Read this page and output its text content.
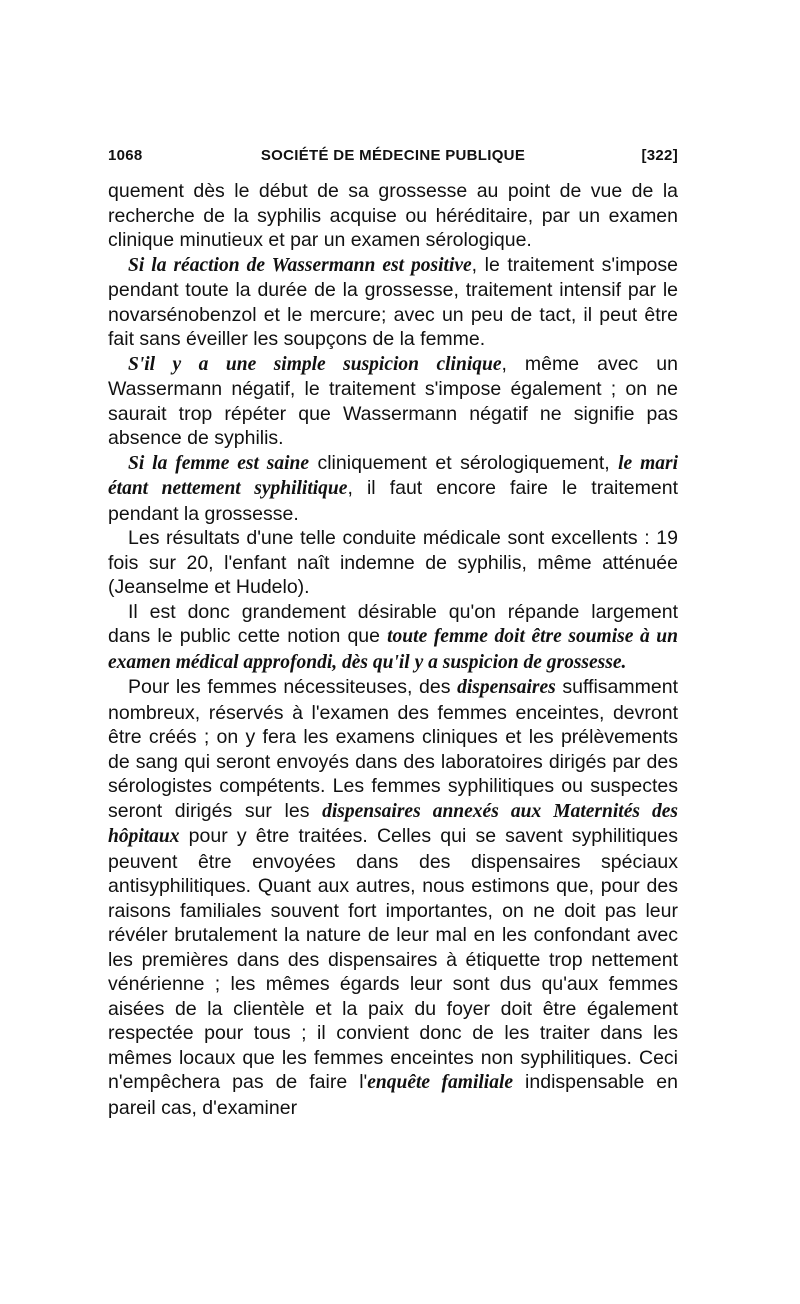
1068	SOCIÉTÉ DE MÉDECINE PUBLIQUE	[322]

quement dès le début de sa grossesse au point de vue de la recherche de la syphilis acquise ou héréditaire, par un examen clinique minutieux et par un examen sérologique.

Si la réaction de Wassermann est positive, le traitement s'impose pendant toute la durée de la grossesse, traitement intensif par le novarsénobenzol et le mercure; avec un peu de tact, il peut être fait sans éveiller les soupçons de la femme.

S'il y a une simple suspicion clinique, même avec un Wassermann négatif, le traitement s'impose également ; on ne saurait trop répéter que Wassermann négatif ne signifie pas absence de syphilis.

Si la femme est saine cliniquement et sérologiquement, le mari étant nettement syphilitique, il faut encore faire le traitement pendant la grossesse.

Les résultats d'une telle conduite médicale sont excellents : 19 fois sur 20, l'enfant naît indemne de syphilis, même atténuée (Jeanselme et Hudelo).

Il est donc grandement désirable qu'on répande largement dans le public cette notion que toute femme doit être soumise à un examen médical approfondi, dès qu'il y a suspicion de grossesse.

Pour les femmes nécessiteuses, des dispensaires suffisamment nombreux, réservés à l'examen des femmes enceintes, devront être créés ; on y fera les examens cliniques et les prélèvements de sang qui seront envoyés dans des laboratoires dirigés par des sérologistes compétents. Les femmes syphilitiques ou suspectes seront dirigés sur les dispensaires annexés aux Maternités des hôpitaux pour y être traitées. Celles qui se savent syphilitiques peuvent être envoyées dans des dispensaires spéciaux antisyphilitiques. Quant aux autres, nous estimons que, pour des raisons familiales souvent fort importantes, on ne doit pas leur révéler brutalement la nature de leur mal en les confondant avec les premières dans des dispensaires à étiquette trop nettement vénérienne ; les mêmes égards leur sont dus qu'aux femmes aisées de la clientèle et la paix du foyer doit être également respectée pour tous ; il convient donc de les traiter dans les mêmes locaux que les femmes enceintes non syphilitiques. Ceci n'empêchera pas de faire l'enquête familiale indispensable en pareil cas, d'examiner
